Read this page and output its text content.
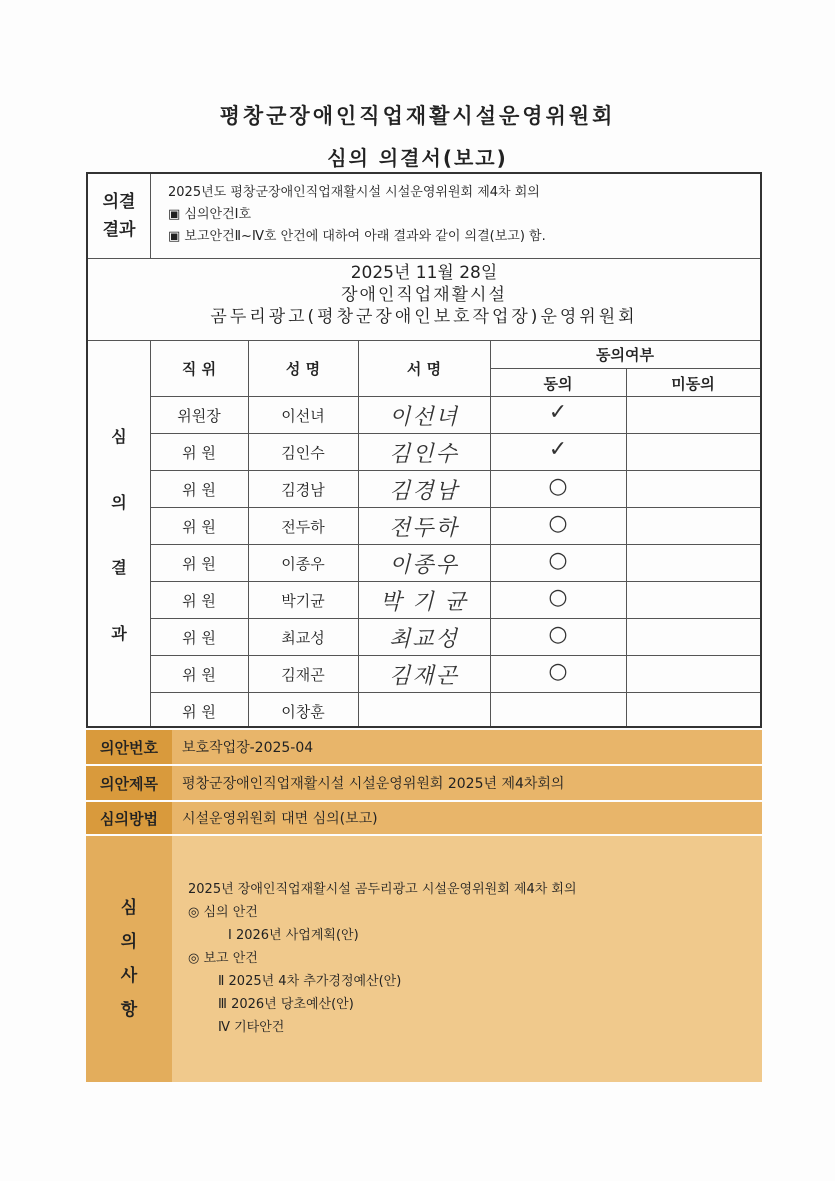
평창군장애인직업재활시설운영위원회
심의 의결서(보고)
의결
결과
2025년도 평창군장애인직업재활시설 시설운영위원회 제4차 회의
▣ 심의안건Ⅰ호
▣ 보고안건Ⅱ~Ⅳ호 안건에 대하여 아래 결과와 같이 의결(보고) 함.
2025년 11월 28일
장애인직업재활시설
곰두리광고(평창군장애인보호작업장)운영위원회
심
의
결
과
직 위	성 명	서 명
동의여부
동의	미동의
위원장	이선녀	이선녀	✓
위 원	김인수	김인수	✓
위 원	김경남	김경남	○
위 원	전두하	전두하	○
위 원	이종우	이종우	○
위 원	박기균	박 기 균	○
위 원	최교성	최교성	○
위 원	김재곤	김재곤	○
위 원	이창훈
의안번호	보호작업장-2025-04
의안제목	평창군장애인직업재활시설 시설운영위원회 2025년 제4차회의
심의방법	시설운영위원회 대면 심의(보고)
심
의
사
항
2025년 장애인직업재활시설 곰두리광고 시설운영위원회 제4차 회의
◎ 심의 안건
Ⅰ 2026년 사업계획(안)
◎ 보고 안건
Ⅱ 2025년 4차 추가경정예산(안)
Ⅲ 2026년 당초예산(안)
Ⅳ 기타안건
